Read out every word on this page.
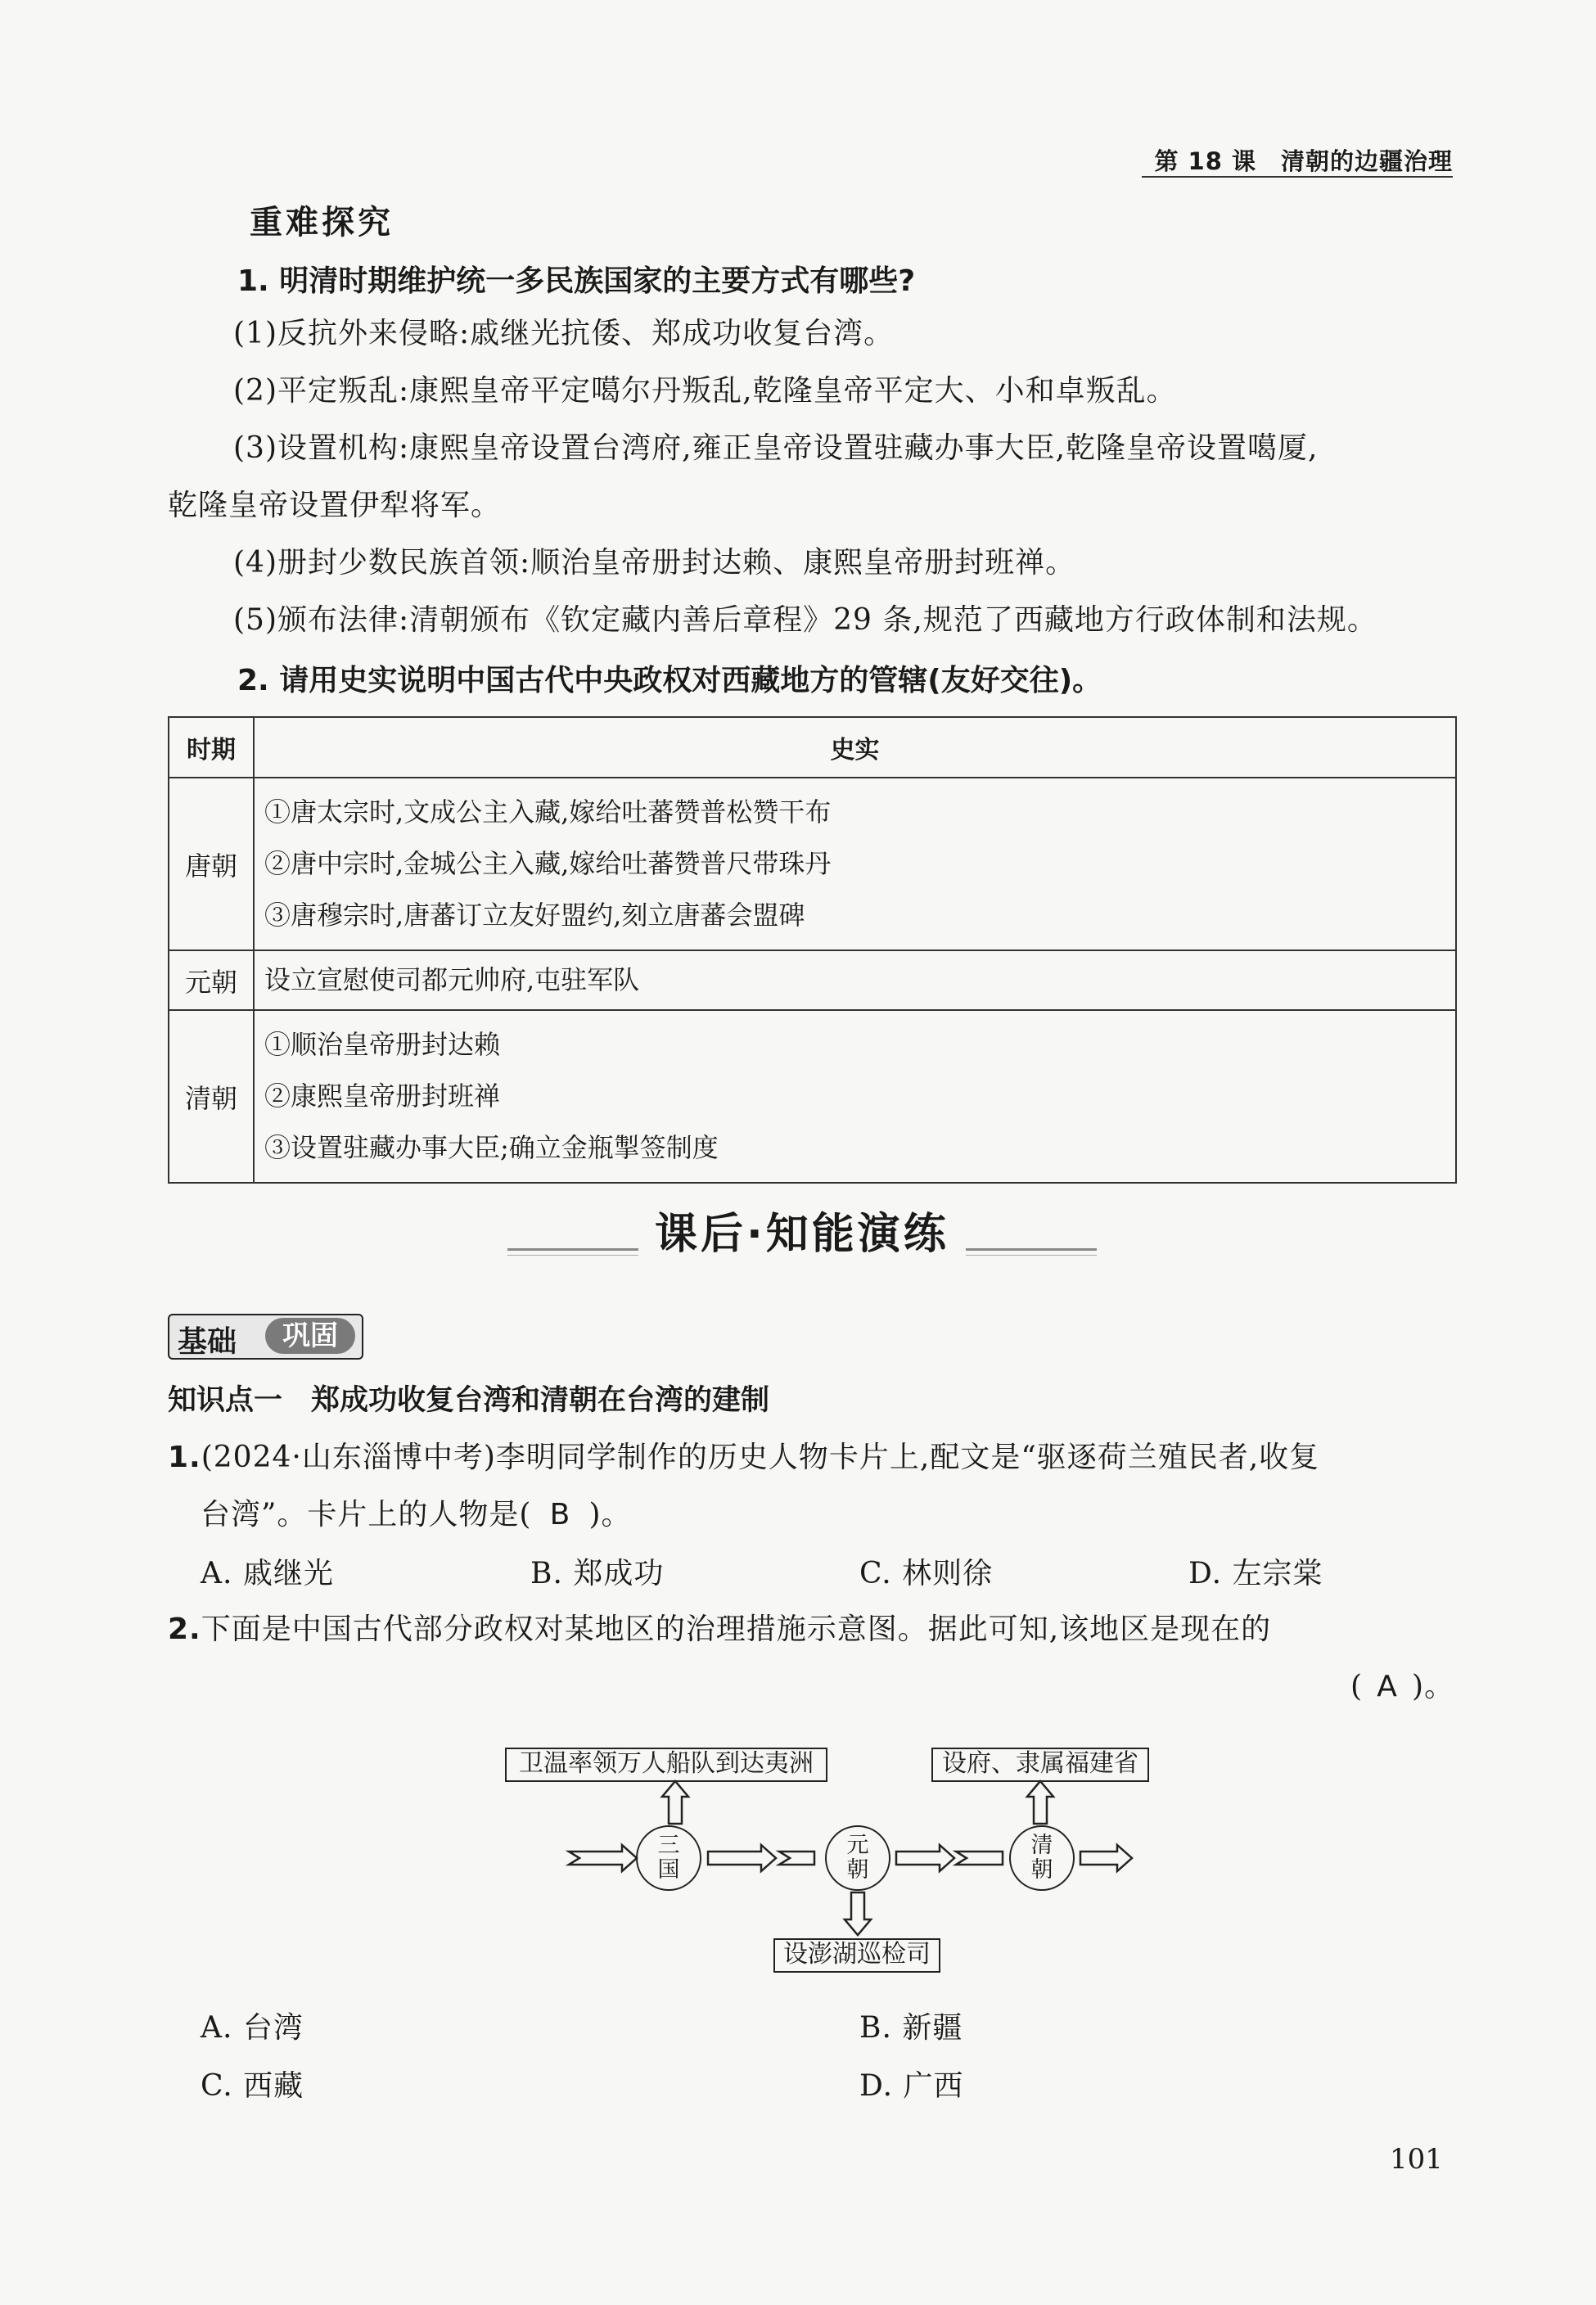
第 18 课　清朝的边疆治理
重难探究
1. 明清时期维护统一多民族国家的主要方式有哪些?
(1)反抗外来侵略:戚继光抗倭、郑成功收复台湾。
(2)平定叛乱:康熙皇帝平定噶尔丹叛乱,乾隆皇帝平定大、小和卓叛乱。
(3)设置机构:康熙皇帝设置台湾府,雍正皇帝设置驻藏办事大臣,乾隆皇帝设置噶厦,
乾隆皇帝设置伊犁将军。
(4)册封少数民族首领:顺治皇帝册封达赖、康熙皇帝册封班禅。
(5)颁布法律:清朝颁布《钦定藏内善后章程》29 条,规范了西藏地方行政体制和法规。
2. 请用史实说明中国古代中央政权对西藏地方的管辖(友好交往)。
时期	史实
唐朝	①唐太宗时,文成公主入藏,嫁给吐蕃赞普松赞干布
②唐中宗时,金城公主入藏,嫁给吐蕃赞普尺带珠丹
③唐穆宗时,唐蕃订立友好盟约,刻立唐蕃会盟碑

元朝	设立宣慰使司都元帅府,屯驻军队

清朝	①顺治皇帝册封达赖
②康熙皇帝册封班禅
③设置驻藏办事大臣;确立金瓶掣签制度
课后·知能演练
基础	巩固
知识点一　郑成功收复台湾和清朝在台湾的建制
1.(2024·山东淄博中考)李明同学制作的历史人物卡片上,配文是“驱逐荷兰殖民者,收复
台湾”。卡片上的人物是( B )。
A. 戚继光	B. 郑成功	C. 林则徐	D. 左宗棠
2.下面是中国古代部分政权对某地区的治理措施示意图。据此可知,该地区是现在的
( A )。
卫温率领万人船队到达夷洲	设府、隶属福建省
设澎湖巡检司
三
国
元
朝
清
朝
A. 台湾	B. 新疆
C. 西藏	D. 广西
101
